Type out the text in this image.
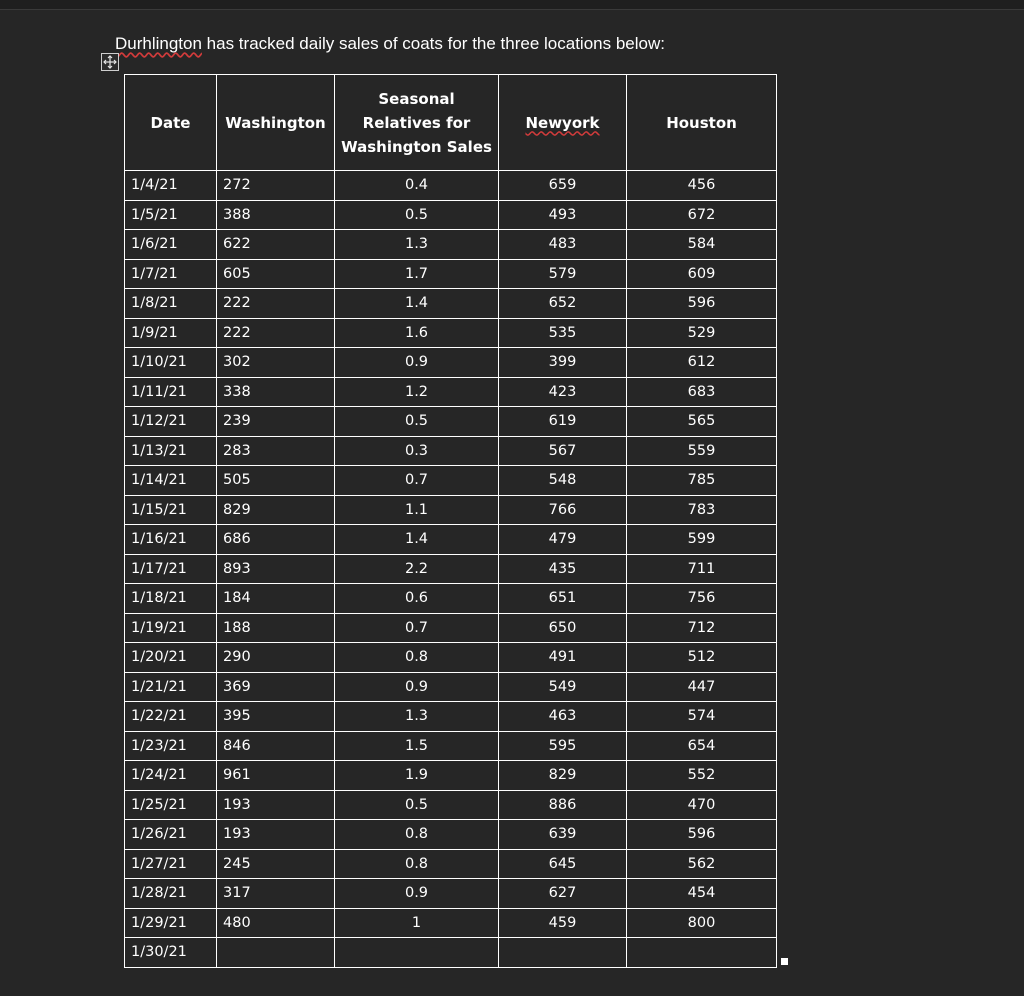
Durhlington has tracked daily sales of coats for the three locations below:
Date	Washington	Seasonal Relatives for Washington Sales	Newyork	Houston
1/4/21	272	0.4	659	456
1/5/21	388	0.5	493	672
1/6/21	622	1.3	483	584
1/7/21	605	1.7	579	609
1/8/21	222	1.4	652	596
1/9/21	222	1.6	535	529
1/10/21	302	0.9	399	612
1/11/21	338	1.2	423	683
1/12/21	239	0.5	619	565
1/13/21	283	0.3	567	559
1/14/21	505	0.7	548	785
1/15/21	829	1.1	766	783
1/16/21	686	1.4	479	599
1/17/21	893	2.2	435	711
1/18/21	184	0.6	651	756
1/19/21	188	0.7	650	712
1/20/21	290	0.8	491	512
1/21/21	369	0.9	549	447
1/22/21	395	1.3	463	574
1/23/21	846	1.5	595	654
1/24/21	961	1.9	829	552
1/25/21	193	0.5	886	470
1/26/21	193	0.8	639	596
1/27/21	245	0.8	645	562
1/28/21	317	0.9	627	454
1/29/21	480	1	459	800
1/30/21				
